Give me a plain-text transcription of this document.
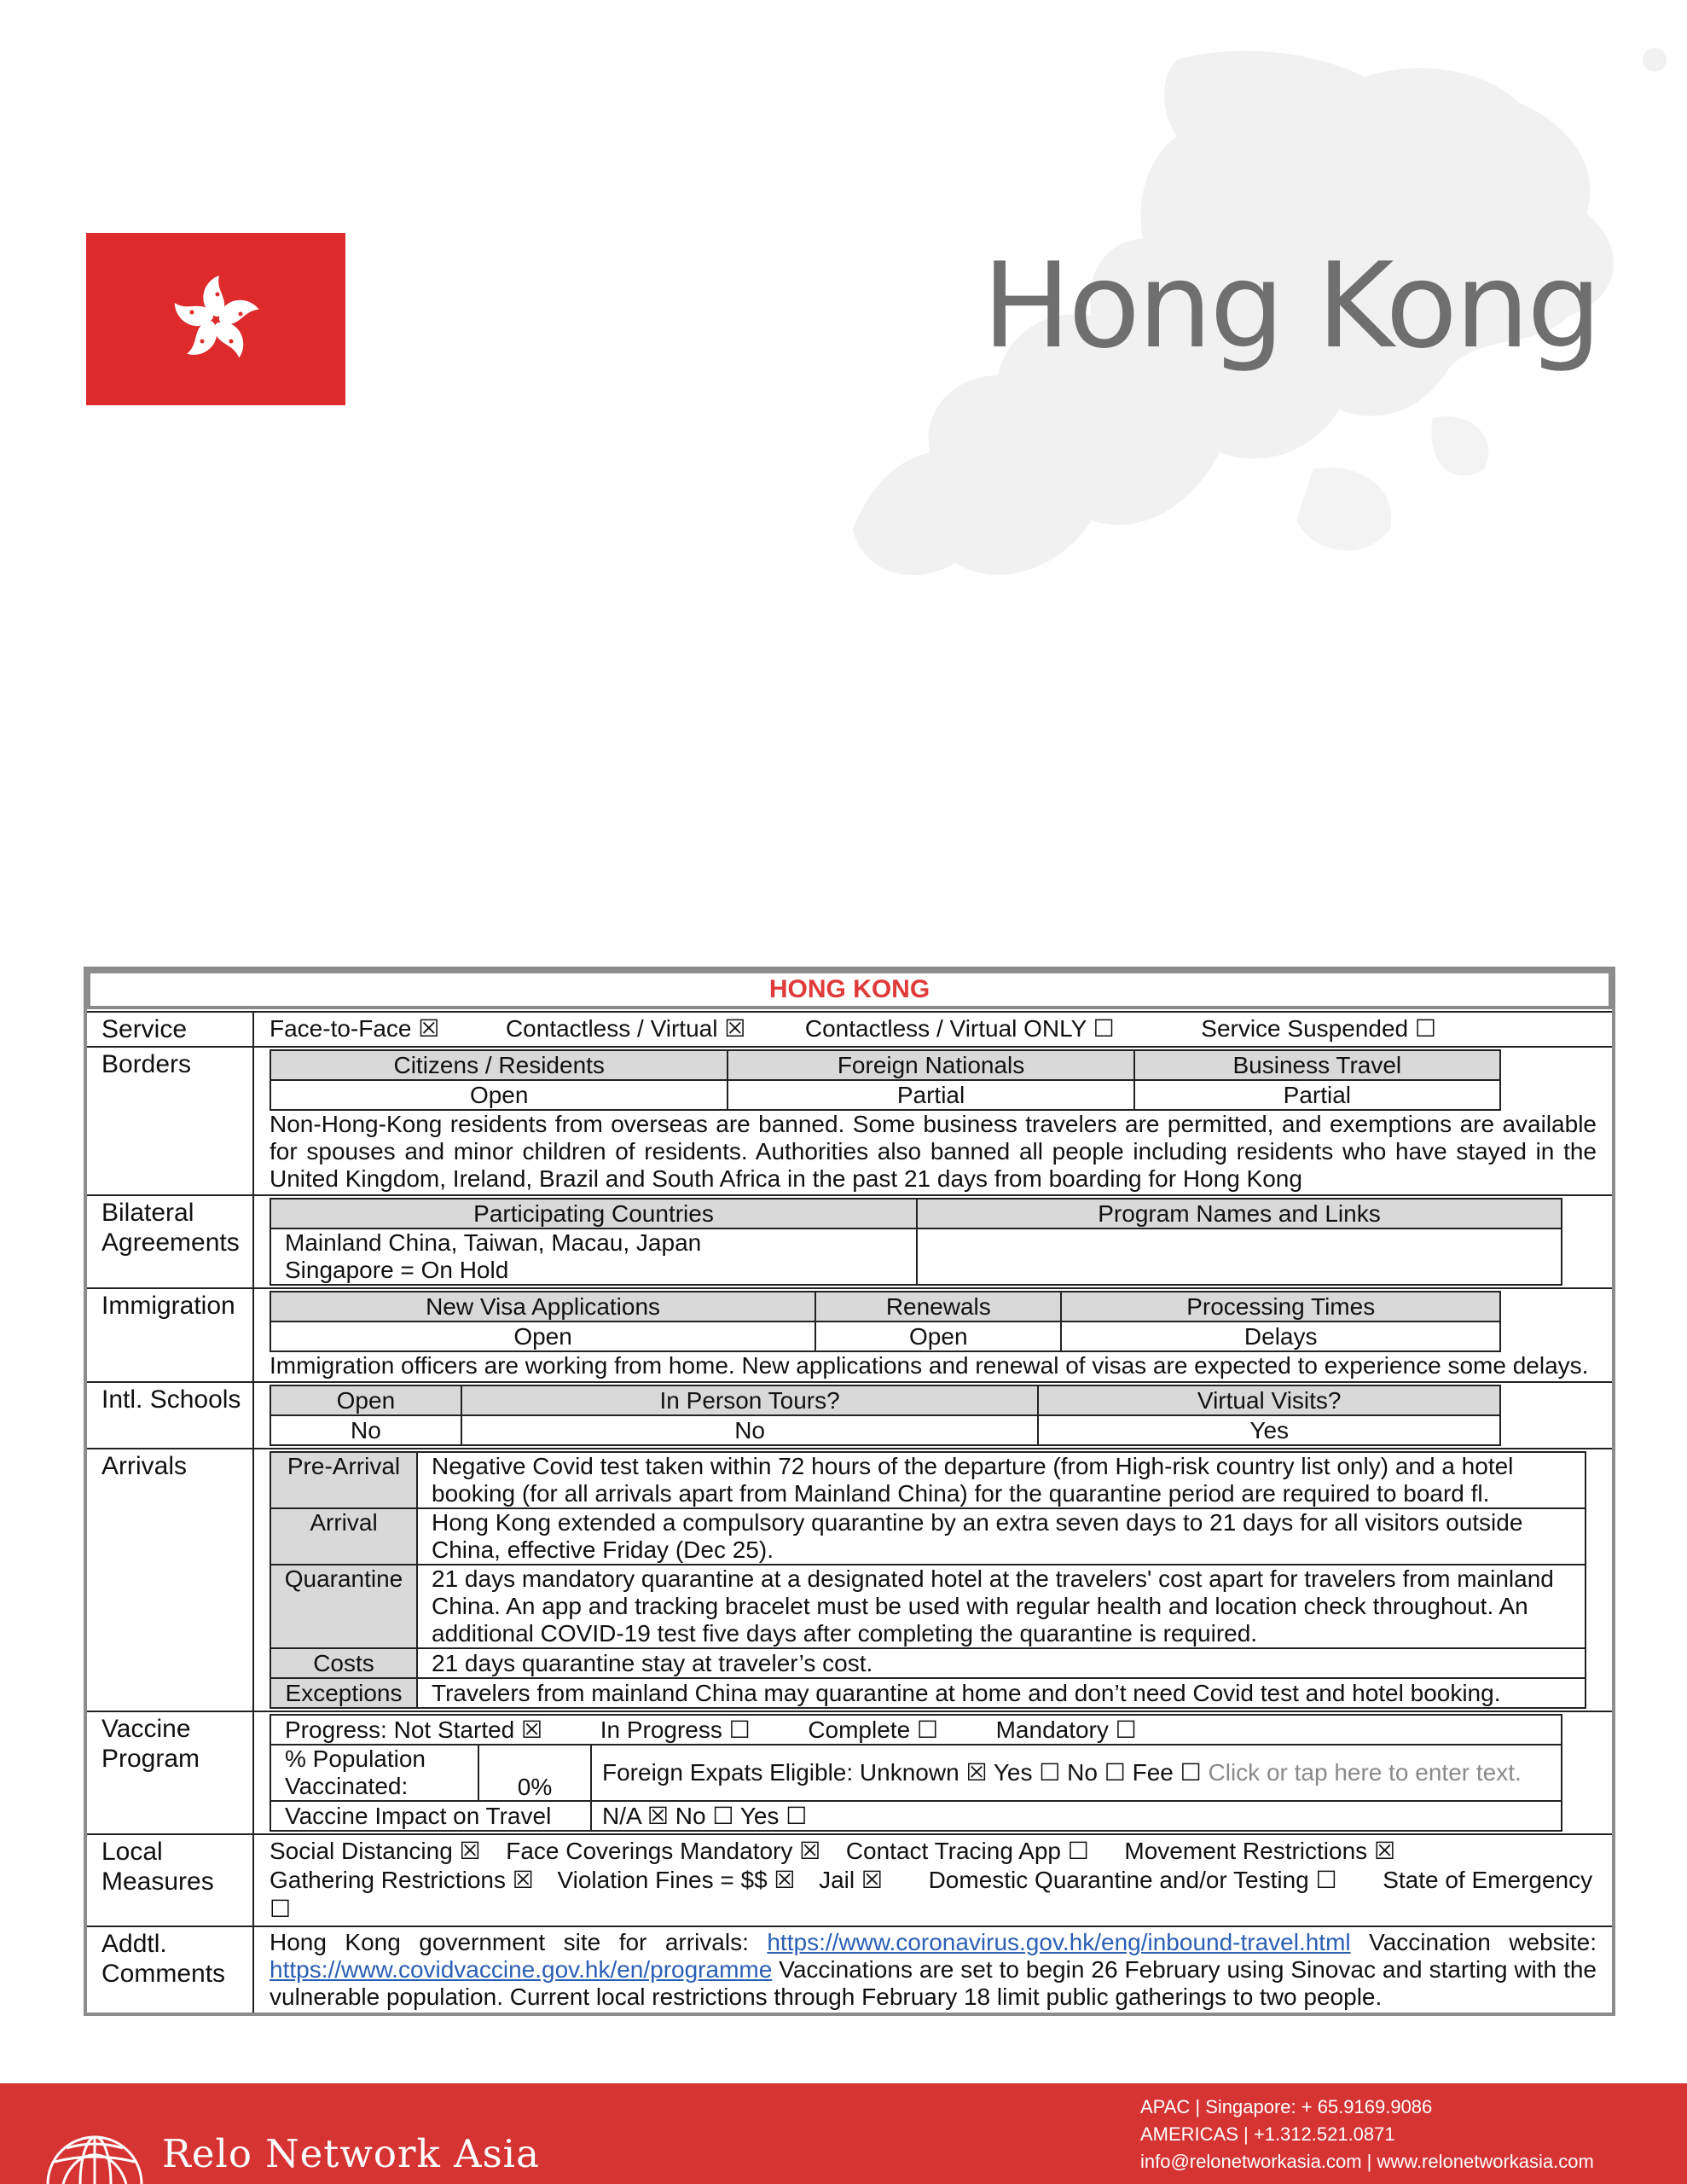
Hong Kong
HONG KONG
Service	Face-to-Face ☒	Contactless / Virtual ☒ Contactless / Virtual ONLY ☐	Service Suspended ☐
Borders	Citizens / Residents	Foreign Nationals	Business Travel
Open	Partial	Partial
Non-Hong-Kong residents from overseas are banned. Some business travelers are permitted, and exemptions are available for spouses and minor children of residents. Authorities also banned all people including residents who have stayed in the United Kingdom, Ireland, Brazil and South Africa in the past 21 days from boarding for Hong Kong
Bilateral
Agreements
Participating Countries	Program Names and Links

Mainland China, Taiwan, Macau, Japan
Singapore = On Hold	

Immigration	New Visa Applications	Renewals	Processing Times
Open	Open	Delays
Immigration officers are working from home. New applications and renewal of visas are expected to experience some delays.
Intl. Schools	Open	In Person Tours?	Virtual Visits?
No	No	Yes
Arrivals	Pre-Arrival	Negative Covid test taken within 72 hours of the departure (from High-risk country list only) and a hotel booking (for all arrivals apart from Mainland China) for the quarantine period are required to board fl.
Arrival	Hong Kong extended a compulsory quarantine by an extra seven days to 21 days for all visitors outside China, effective Friday (Dec 25).
Quarantine	21 days mandatory quarantine at a designated hotel at the travelers' cost apart for travelers from mainland China. An app and tracking bracelet must be used with regular health and location check throughout. An additional COVID-19 test five days after completing the quarantine is required.
Costs	21 days quarantine stay at traveler’s cost.
Exceptions	Travelers from mainland China may quarantine at home and don’t need Covid test and hotel booking.
Vaccine
Program
Progress: Not Started ☒ In Progress ☐ Complete ☐ Mandatory ☐		

% Population
Vaccinated:	0%	Foreign Expats Eligible: Unknown ☒ Yes ☐ No ☐ Fee ☐ Click or tap here to enter text.
Vaccine Impact on Travel		N/A ☒ No ☐ Yes ☐
Local
Measures
Social Distancing ☒ Face Coverings Mandatory ☒ Contact Tracing App ☐ Movement Restrictions ☒
Gathering Restrictions ☒ Violation Fines = $$ ☒ Jail ☒ Domestic Quarantine and/or Testing ☐ State of Emergency ☐
Addtl.
Comments
Hong Kong government site for arrivals: https://www.coronavirus.gov.hk/eng/inbound-travel.html Vaccination website: https://www.covidvaccine.gov.hk/en/programme Vaccinations are set to begin 26 February using Sinovac and starting with the vulnerable population. Current local restrictions through February 18 limit public gatherings to two people.
Relo Network Asia
APAC | Singapore: + 65.9169.9086
AMERICAS | +1.312.521.0871
info@relonetworkasia.com | www.relonetworkasia.com
